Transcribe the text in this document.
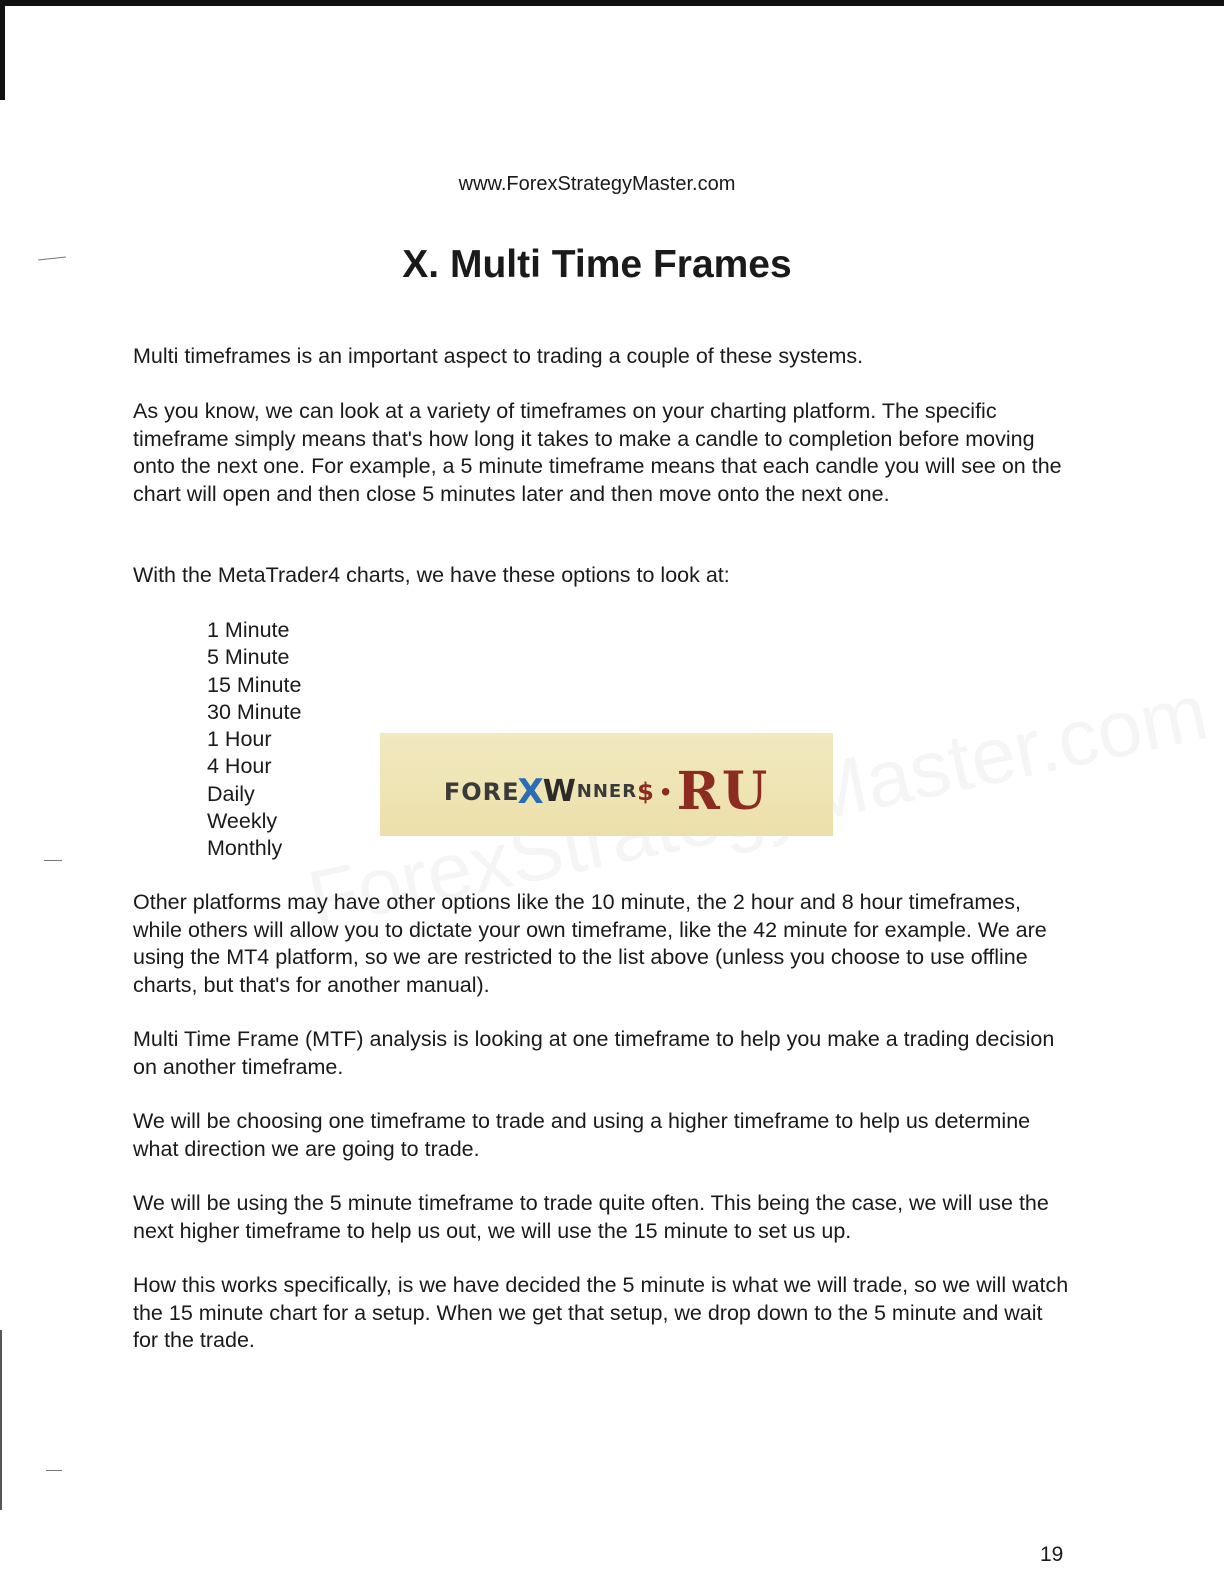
www.ForexStrategyMaster.com
X. Multi Time Frames

Multi timeframes is an important aspect to trading a couple of these systems.

As you know, we can look at a variety of timeframes on your charting platform. The specific timeframe simply means that's how long it takes to make a candle to completion before moving onto the next one. For example, a 5 minute timeframe means that each candle you will see on the chart will open and then close 5 minutes later and then move onto the next one.

With the MetaTrader4 charts, we have these options to look at:

1 Minute
5 Minute
15 Minute
30 Minute
1 Hour
4 Hour
Daily
Weekly
Monthly
FORE
X
W NNER $ • RU

Other platforms may have other options like the 10 minute, the 2 hour and 8 hour timeframes, while others will allow you to dictate your own timeframe, like the 42 minute for example. We are using the MT4 platform, so we are restricted to the list above (unless you choose to use offline charts, but that's for another manual).

Multi Time Frame (MTF) analysis is looking at one timeframe to help you make a trading decision on another timeframe.

We will be choosing one timeframe to trade and using a higher timeframe to help us determine what direction we are going to trade.

We will be using the 5 minute timeframe to trade quite often. This being the case, we will use the next higher timeframe to help us out, we will use the 15 minute to set us up.

How this works specifically, is we have decided the 5 minute is what we will trade, so we will watch the 15 minute chart for a setup. When we get that setup, we drop down to the 5 minute and wait for the trade.

19
